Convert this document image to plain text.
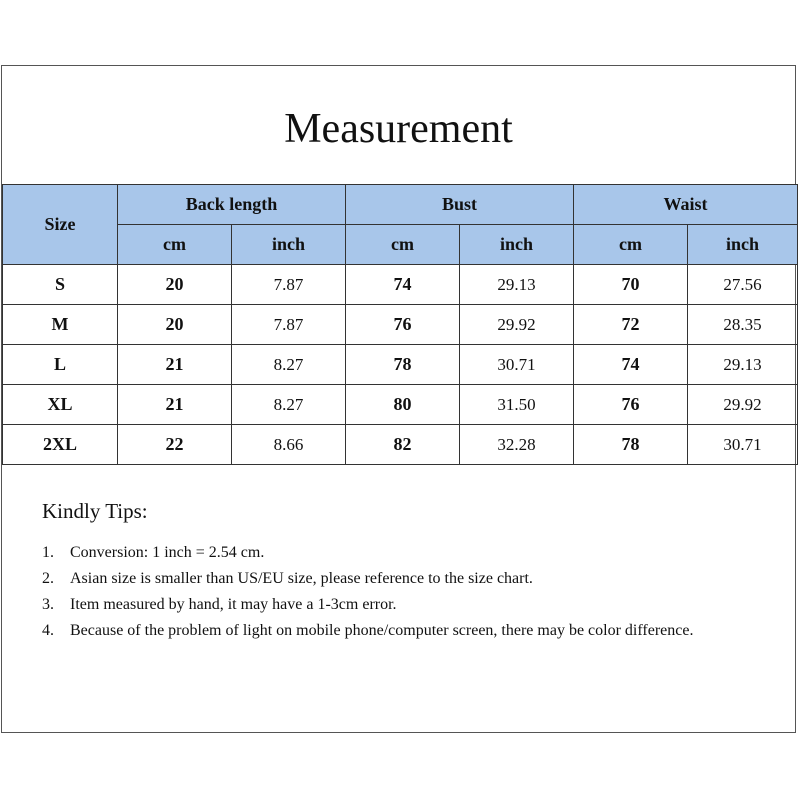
Measurement
Size	Back length		Bust		Waist	
	cm	inch	cm	inch	cm	inch
S	20	7.87	74	29.13	70	27.56
M	20	7.87	76	29.92	72	28.35
L	21	8.27	78	30.71	74	29.13
XL	21	8.27	80	31.50	76	29.92
2XL	22	8.66	82	32.28	78	30.71

Kindly Tips:

1. Conversion: 1 inch = 2.54 cm.
2. Asian size is smaller than US/EU size, please reference to the size chart.
3. Item measured by hand, it may have a 1-3cm error.
4. Because of the problem of light on mobile phone/computer screen, there may be color difference.
